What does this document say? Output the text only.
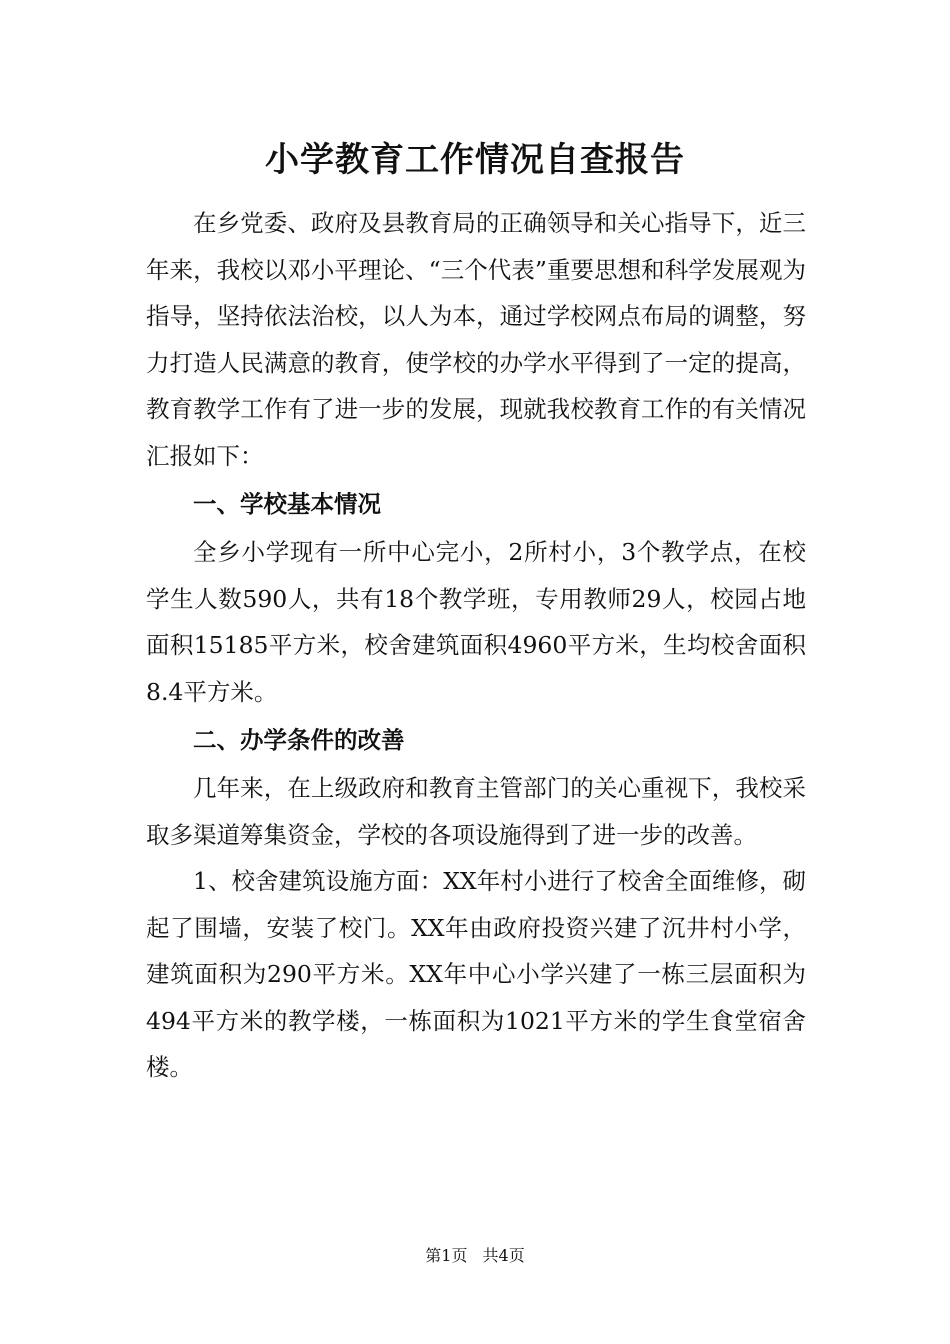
小学教育工作情况自查报告

在乡党委、政府及县教育局的正确领导和关心指导下，近三年来，我校以邓小平理论、“三个代表”重要思想和科学发展观为指导，坚持依法治校，以人为本，通过学校网点布局的调整，努力打造人民满意的教育，使学校的办学水平得到了一定的提高，教育教学工作有了进一步的发展，现就我校教育工作的有关情况汇报如下：

一、学校基本情况

全乡小学现有一所中心完小，2所村小，3个教学点，在校学生人数590人，共有18个教学班，专用教师29人，校园占地面积15185平方米，校舍建筑面积4960平方米，生均校舍面积8.4平方米。

二、办学条件的改善

几年来，在上级政府和教育主管部门的关心重视下，我校采取多渠道筹集资金，学校的各项设施得到了进一步的改善。

1、校舍建筑设施方面：XX年村小进行了校舍全面维修，砌起了围墙，安装了校门。XX年由政府投资兴建了沉井村小学，建筑面积为290平方米。XX年中心小学兴建了一栋三层面积为494平方米的教学楼，一栋面积为1021平方米的学生食堂宿舍楼。

第1页 共4页
